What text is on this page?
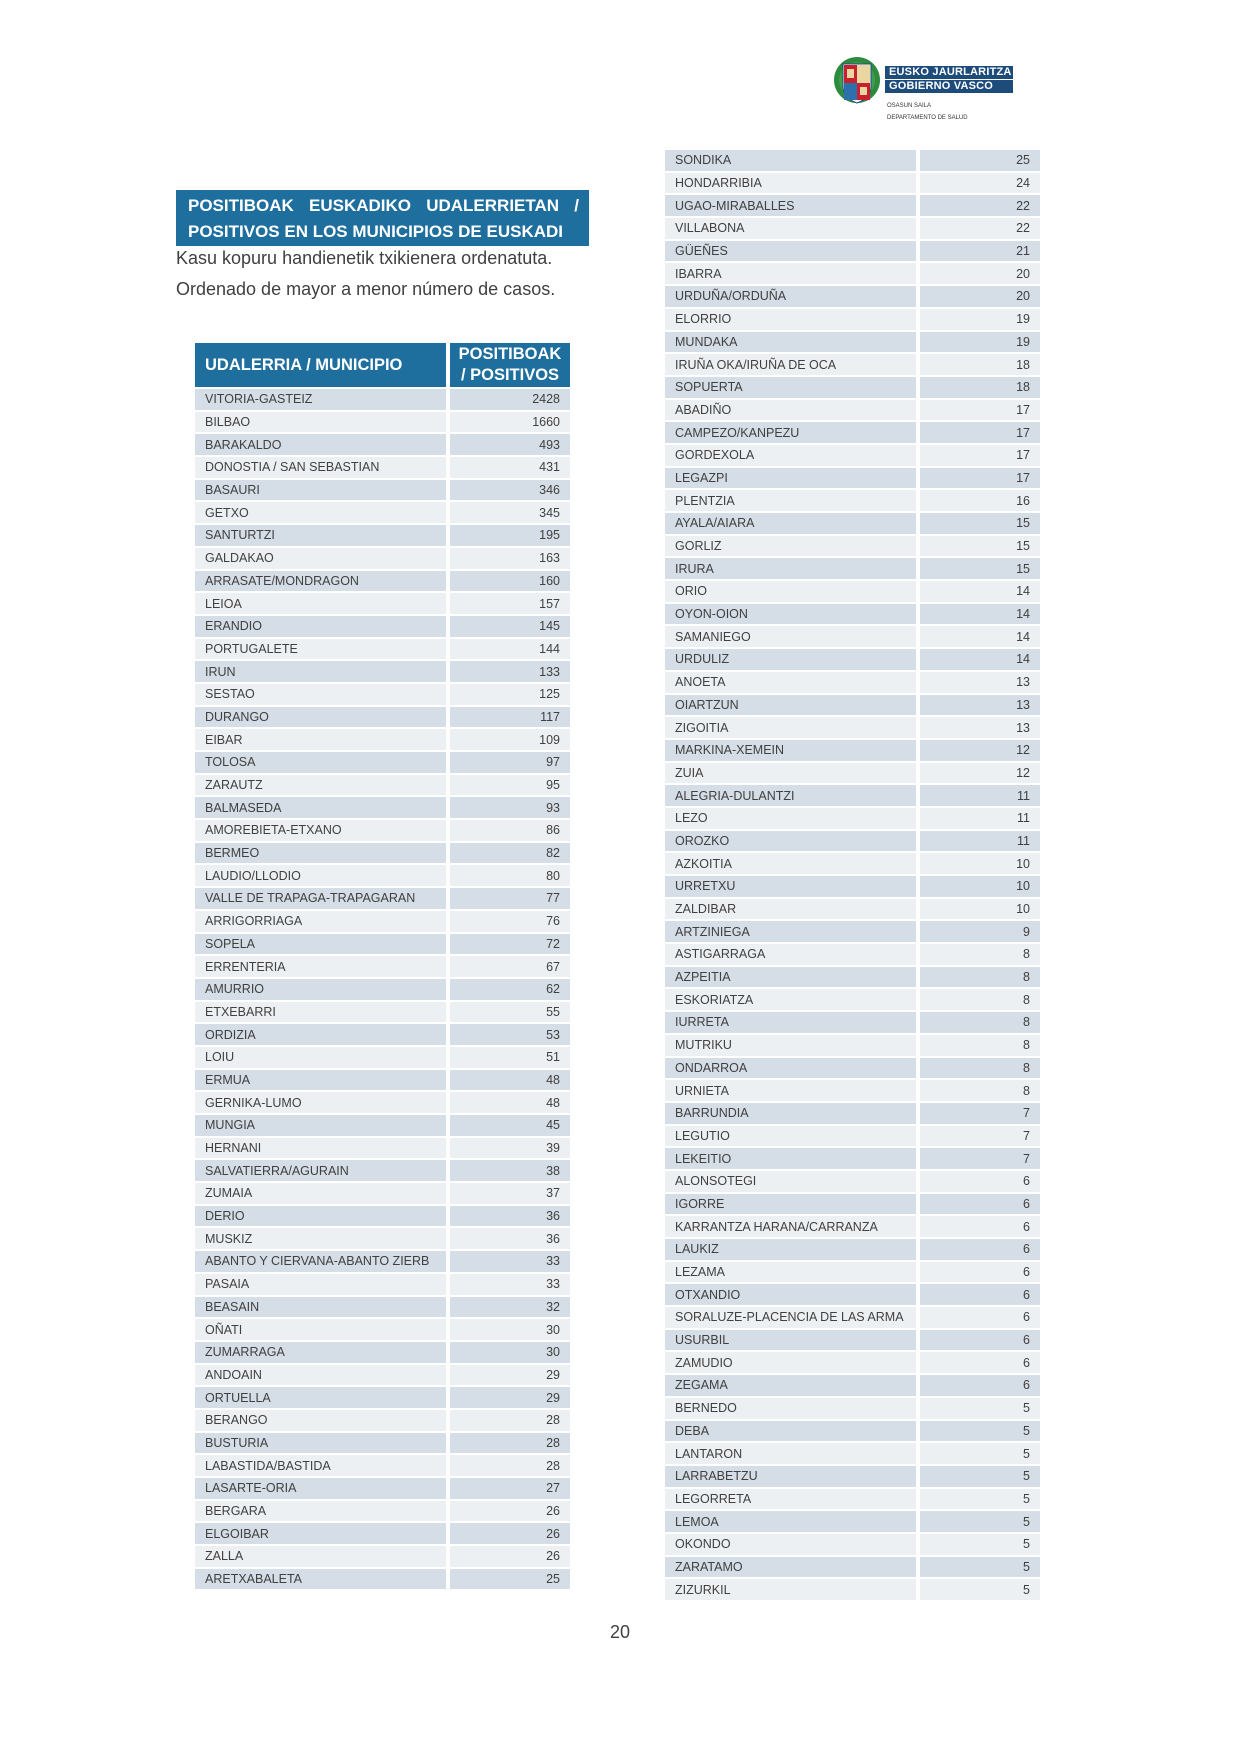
EUSKO JAURLARITZA
GOBIERNO VASCO
OSASUN SAILA
DEPARTAMENTO DE SALUD
POSITIBOAK EUSKADIKO UDALERRIETAN /
POSITIVOS EN LOS MUNICIPIOS DE EUSKADI
Kasu kopuru handienetik txikienera ordenatuta.
Ordenado de mayor a menor número de casos.
UDALERRIA / MUNICIPIO	POSITIBOAK
/ POSITIVOS

VITORIA-GASTEIZ	2428
BILBAO	1660
BARAKALDO	493
DONOSTIA / SAN SEBASTIAN	431
BASAURI	346
GETXO	345
SANTURTZI	195
GALDAKAO	163
ARRASATE/MONDRAGON	160
LEIOA	157
ERANDIO	145
PORTUGALETE	144
IRUN	133
SESTAO	125
DURANGO	117
EIBAR	109
TOLOSA	97
ZARAUTZ	95
BALMASEDA	93
AMOREBIETA-ETXANO	86
BERMEO	82
LAUDIO/LLODIO	80
VALLE DE TRAPAGA-TRAPAGARAN	77
ARRIGORRIAGA	76
SOPELA	72
ERRENTERIA	67
AMURRIO	62
ETXEBARRI	55
ORDIZIA	53
LOIU	51
ERMUA	48
GERNIKA-LUMO	48
MUNGIA	45
HERNANI	39
SALVATIERRA/AGURAIN	38
ZUMAIA	37
DERIO	36
MUSKIZ	36
ABANTO Y CIERVANA-ABANTO ZIERB	33
PASAIA	33
BEASAIN	32
OÑATI	30
ZUMARRAGA	30
ANDOAIN	29
ORTUELLA	29
BERANGO	28
BUSTURIA	28
LABASTIDA/BASTIDA	28
LASARTE-ORIA	27
BERGARA	26
ELGOIBAR	26
ZALLA	26
ARETXABALETA	25
SONDIKA	25
HONDARRIBIA	24
UGAO-MIRABALLES	22
VILLABONA	22
GÜEÑES	21
IBARRA	20
URDUÑA/ORDUÑA	20
ELORRIO	19
MUNDAKA	19
IRUÑA OKA/IRUÑA DE OCA	18
SOPUERTA	18
ABADIÑO	17
CAMPEZO/KANPEZU	17
GORDEXOLA	17
LEGAZPI	17
PLENTZIA	16
AYALA/AIARA	15
GORLIZ	15
IRURA	15
ORIO	14
OYON-OION	14
SAMANIEGO	14
URDULIZ	14
ANOETA	13
OIARTZUN	13
ZIGOITIA	13
MARKINA-XEMEIN	12
ZUIA	12
ALEGRIA-DULANTZI	11
LEZO	11
OROZKO	11
AZKOITIA	10
URRETXU	10
ZALDIBAR	10
ARTZINIEGA	9
ASTIGARRAGA	8
AZPEITIA	8
ESKORIATZA	8
IURRETA	8
MUTRIKU	8
ONDARROA	8
URNIETA	8
BARRUNDIA	7
LEGUTIO	7
LEKEITIO	7
ALONSOTEGI	6
IGORRE	6
KARRANTZA HARANA/CARRANZA	6
LAUKIZ	6
LEZAMA	6
OTXANDIO	6
SORALUZE-PLACENCIA DE LAS ARMA	6
USURBIL	6
ZAMUDIO	6
ZEGAMA	6
BERNEDO	5
DEBA	5
LANTARON	5
LARRABETZU	5
LEGORRETA	5
LEMOA	5
OKONDO	5
ZARATAMO	5
ZIZURKIL	5
20
